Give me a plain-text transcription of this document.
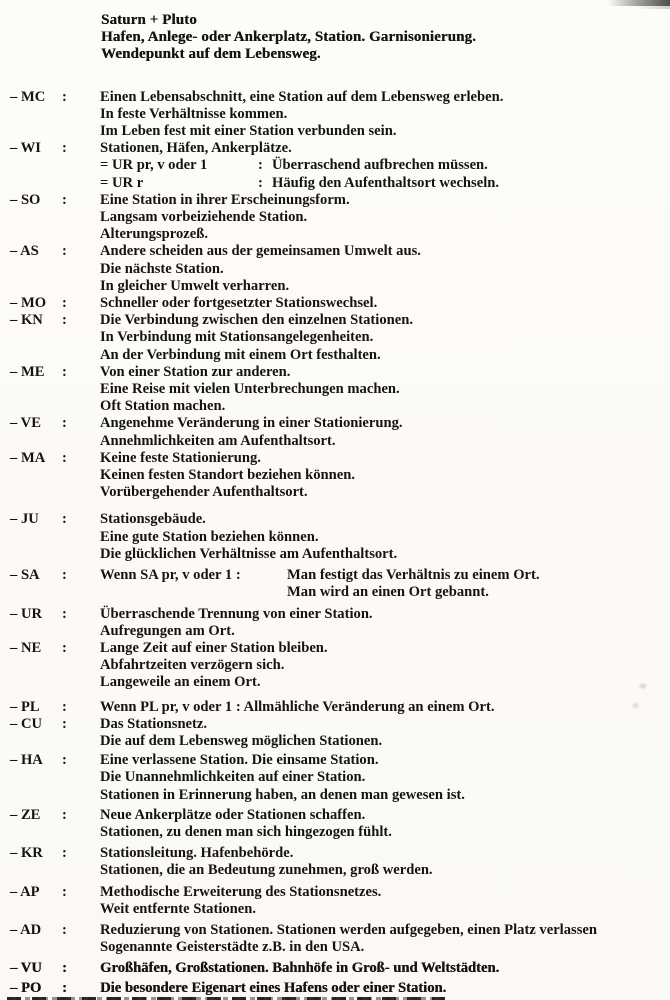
Saturn + Pluto
Hafen, Anlege- oder Ankerplatz, Station. Garnisonierung.
Wendepunkt auf dem Lebensweg.
– MC	:	Einen Lebensabschnitt, eine Station auf dem Lebensweg erleben.
In feste Verhältnisse kommen.
Im Leben fest mit einer Station verbunden sein.
– WI	:	Stationen, Häfen, Ankerplätze.
= UR pr, v oder 1	: Überraschend aufbrechen müssen.
= UR r	: Häufig den Aufenthaltsort wechseln.
– SO	:	Eine Station in ihrer Erscheinungsform.
Langsam vorbeiziehende Station.
Alterungsprozeß.
– AS	:	Andere scheiden aus der gemeinsamen Umwelt aus.
Die nächste Station.
In gleicher Umwelt verharren.
– MO	:	Schneller oder fortgesetzter Stationswechsel.
– KN	:	Die Verbindung zwischen den einzelnen Stationen.
In Verbindung mit Stationsangelegenheiten.
An der Verbindung mit einem Ort festhalten.
– ME	:	Von einer Station zur anderen.
Eine Reise mit vielen Unterbrechungen machen.
Oft Station machen.
– VE	:	Angenehme Veränderung in einer Stationierung.
Annehmlichkeiten am Aufenthaltsort.
– MA	:	Keine feste Stationierung.
Keinen festen Standort beziehen können.
Vorübergehender Aufenthaltsort.
– JU	:	Stationsgebäude.
Eine gute Station beziehen können.
Die glücklichen Verhältnisse am Aufenthaltsort.
– SA	:	Wenn SA pr, v oder 1 :	Man festigt das Verhältnis zu einem Ort.
Man wird an einen Ort gebannt.
– UR	:	Überraschende Trennung von einer Station.
Aufregungen am Ort.
– NE	:	Lange Zeit auf einer Station bleiben.
Abfahrtzeiten verzögern sich.
Langeweile an einem Ort.
– PL	:	Wenn PL pr, v oder 1 : Allmähliche Veränderung an einem Ort.
– CU	:	Das Stationsnetz.
Die auf dem Lebensweg möglichen Stationen.
– HA	:	Eine verlassene Station. Die einsame Station.
Die Unannehmlichkeiten auf einer Station.
Stationen in Erinnerung haben, an denen man gewesen ist.
– ZE	:	Neue Ankerplätze oder Stationen schaffen.
Stationen, zu denen man sich hingezogen fühlt.
– KR	:	Stationsleitung. Hafenbehörde.
Stationen, die an Bedeutung zunehmen, groß werden.
– AP	:	Methodische Erweiterung des Stationsnetzes.
Weit entfernte Stationen.
– AD	:	Reduzierung von Stationen. Stationen werden aufgegeben, einen Platz verlassen
Sogenannte Geisterstädte z.B. in den USA.
– VU	:	Großhäfen, Großstationen. Bahnhöfe in Groß- und Weltstädten.
– PO	:	Die besondere Eigenart eines Hafens oder einer Station.
